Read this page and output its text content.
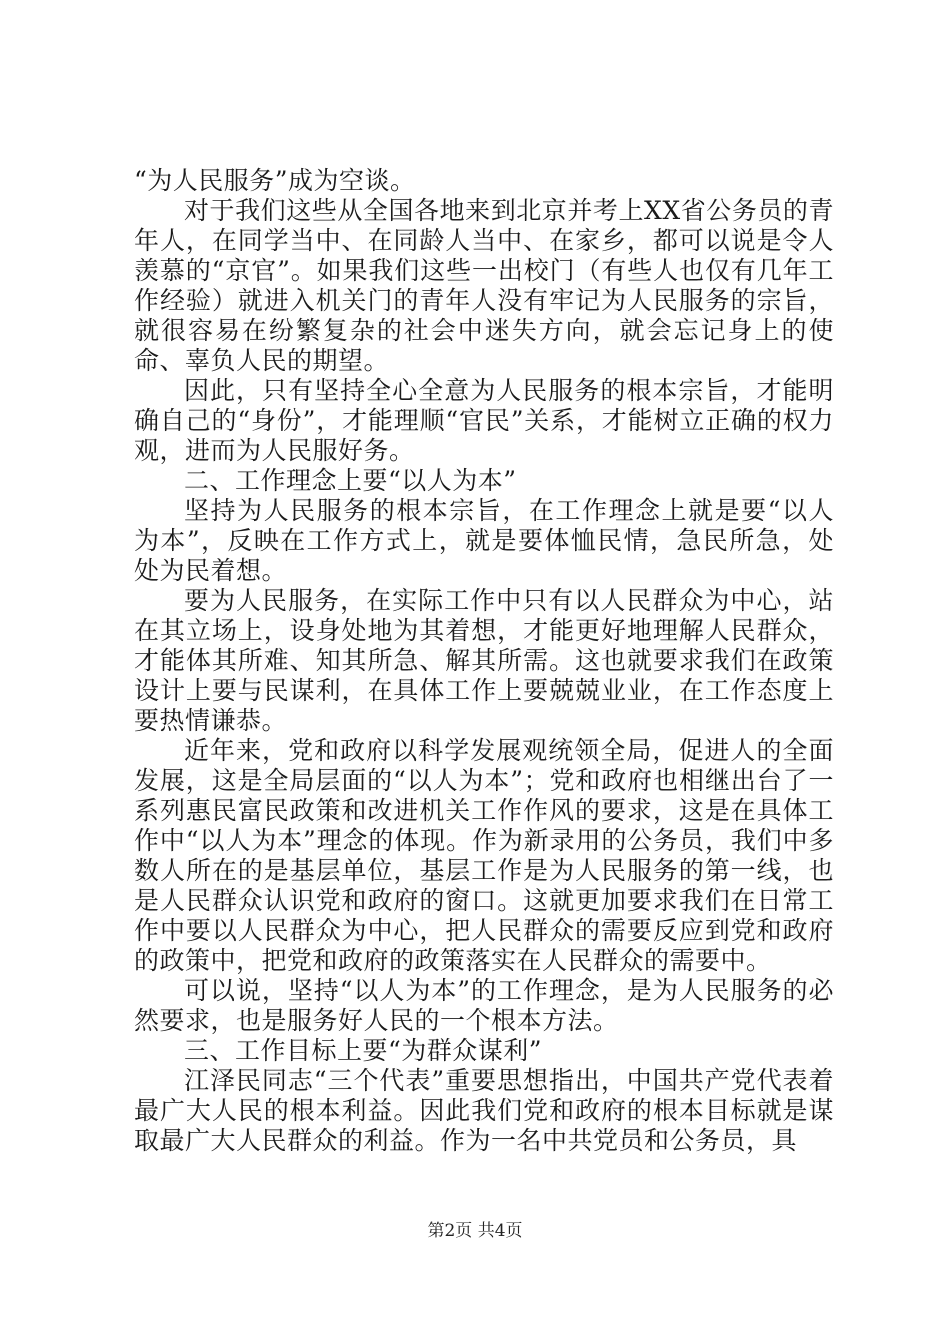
“为人民服务”成为空谈。

对于我们这些从全国各地来到北京并考上XX省公务员的青年人，在同学当中、在同龄人当中、在家乡，都可以说是令人羡慕的“京官”。如果我们这些一出校门（有些人也仅有几年工作经验）就进入机关门的青年人没有牢记为人民服务的宗旨，就很容易在纷繁复杂的社会中迷失方向，就会忘记身上的使命、辜负人民的期望。

因此，只有坚持全心全意为人民服务的根本宗旨，才能明确自己的“身份”，才能理顺“官民”关系，才能树立正确的权力观，进而为人民服好务。

二、工作理念上要“以人为本”

坚持为人民服务的根本宗旨，在工作理念上就是要“以人为本”，反映在工作方式上，就是要体恤民情，急民所急，处处为民着想。

要为人民服务，在实际工作中只有以人民群众为中心，站在其立场上，设身处地为其着想，才能更好地理解人民群众，才能体其所难、知其所急、解其所需。这也就要求我们在政策设计上要与民谋利，在具体工作上要兢兢业业，在工作态度上要热情谦恭。

近年来，党和政府以科学发展观统领全局，促进人的全面发展，这是全局层面的“以人为本”；党和政府也相继出台了一系列惠民富民政策和改进机关工作作风的要求，这是在具体工作中“以人为本”理念的体现。作为新录用的公务员，我们中多数人所在的是基层单位，基层工作是为人民服务的第一线，也是人民群众认识党和政府的窗口。这就更加要求我们在日常工作中要以人民群众为中心，把人民群众的需要反应到党和政府的政策中，把党和政府的政策落实在人民群众的需要中。

可以说，坚持“以人为本”的工作理念，是为人民服务的必然要求，也是服务好人民的一个根本方法。

三、工作目标上要“为群众谋利”

江泽民同志“三个代表”重要思想指出，中国共产党代表着最广大人民的根本利益。因此我们党和政府的根本目标就是谋取最广大人民群众的利益。作为一名中共党员和公务员，具

第2页 共4页
